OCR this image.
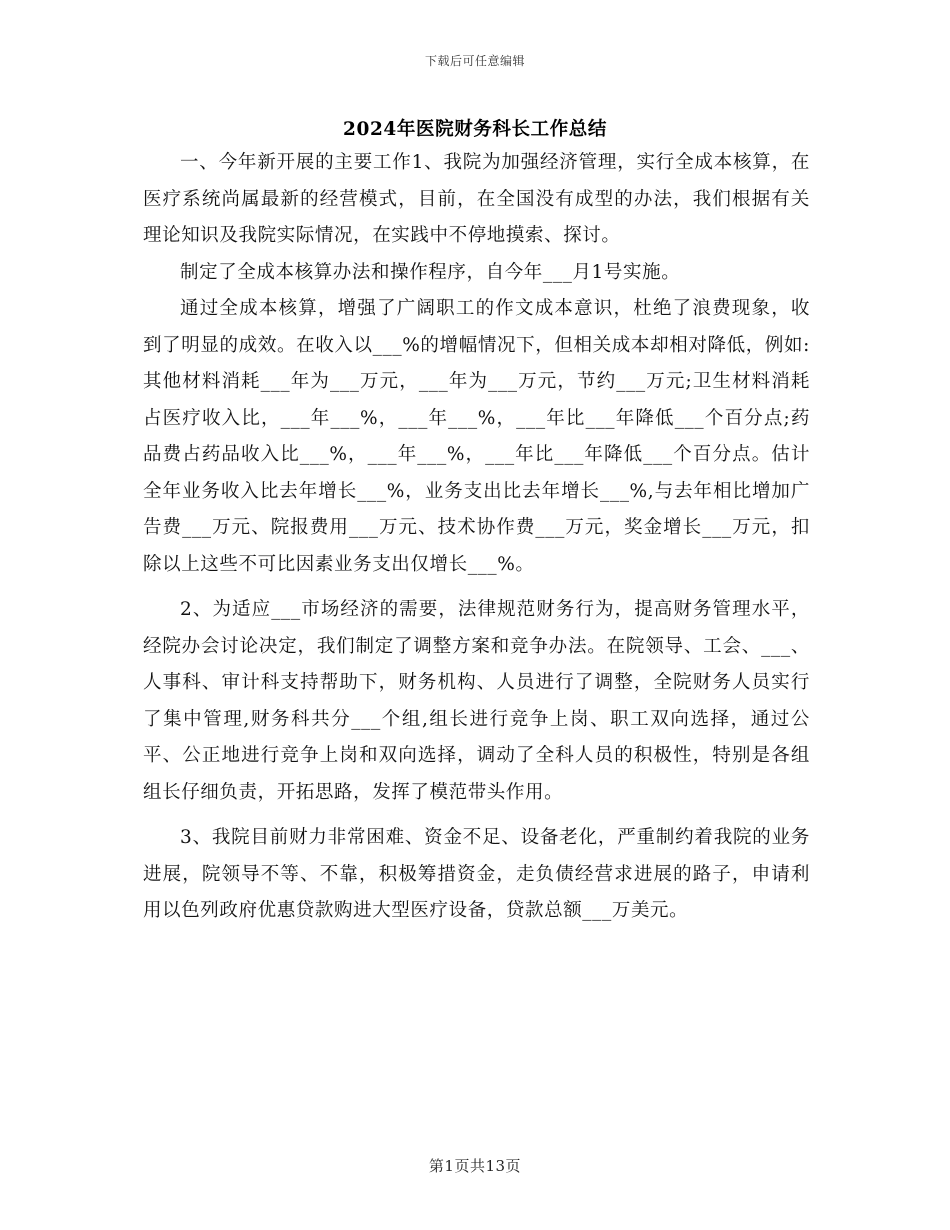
下载后可任意编辑
2024年医院财务科长工作总结

一、今年新开展的主要工作1、我院为加强经济管理，实行全成本核算，在医疗系统尚属最新的经营模式，目前，在全国没有成型的办法，我们根据有关理论知识及我院实际情况，在实践中不停地摸索、探讨。

制定了全成本核算办法和操作程序，自今年___月1号实施。

通过全成本核算，增强了广阔职工的作文成本意识，杜绝了浪费现象，收到了明显的成效。在收入以___%的增幅情况下，但相关成本却相对降低，例如:其他材料消耗___年为___万元，___年为___万元，节约___万元;卫生材料消耗占医疗收入比，___年___%，___年___%，___年比___年降低___个百分点;药品费占药品收入比___%，___年___%，___年比___年降低___个百分点。估计全年业务收入比去年增长___%，业务支出比去年增长___%,与去年相比增加广告费___万元、院报费用___万元、技术协作费___万元，奖金增长___万元，扣除以上这些不可比因素业务支出仅增长___%。

2、为适应___市场经济的需要，法律规范财务行为，提高财务管理水平，经院办会讨论决定，我们制定了调整方案和竞争办法。在院领导、工会、___、人事科、审计科支持帮助下，财务机构、人员进行了调整，全院财务人员实行了集中管理,财务科共分___个组,组长进行竞争上岗、职工双向选择，通过公平、公正地进行竞争上岗和双向选择，调动了全科人员的积极性，特别是各组组长仔细负责，开拓思路，发挥了模范带头作用。

3、我院目前财力非常困难、资金不足、设备老化，严重制约着我院的业务进展，院领导不等、不靠，积极筹措资金，走负债经营求进展的路子，申请利用以色列政府优惠贷款购进大型医疗设备，贷款总额___万美元。

第1页共13页
